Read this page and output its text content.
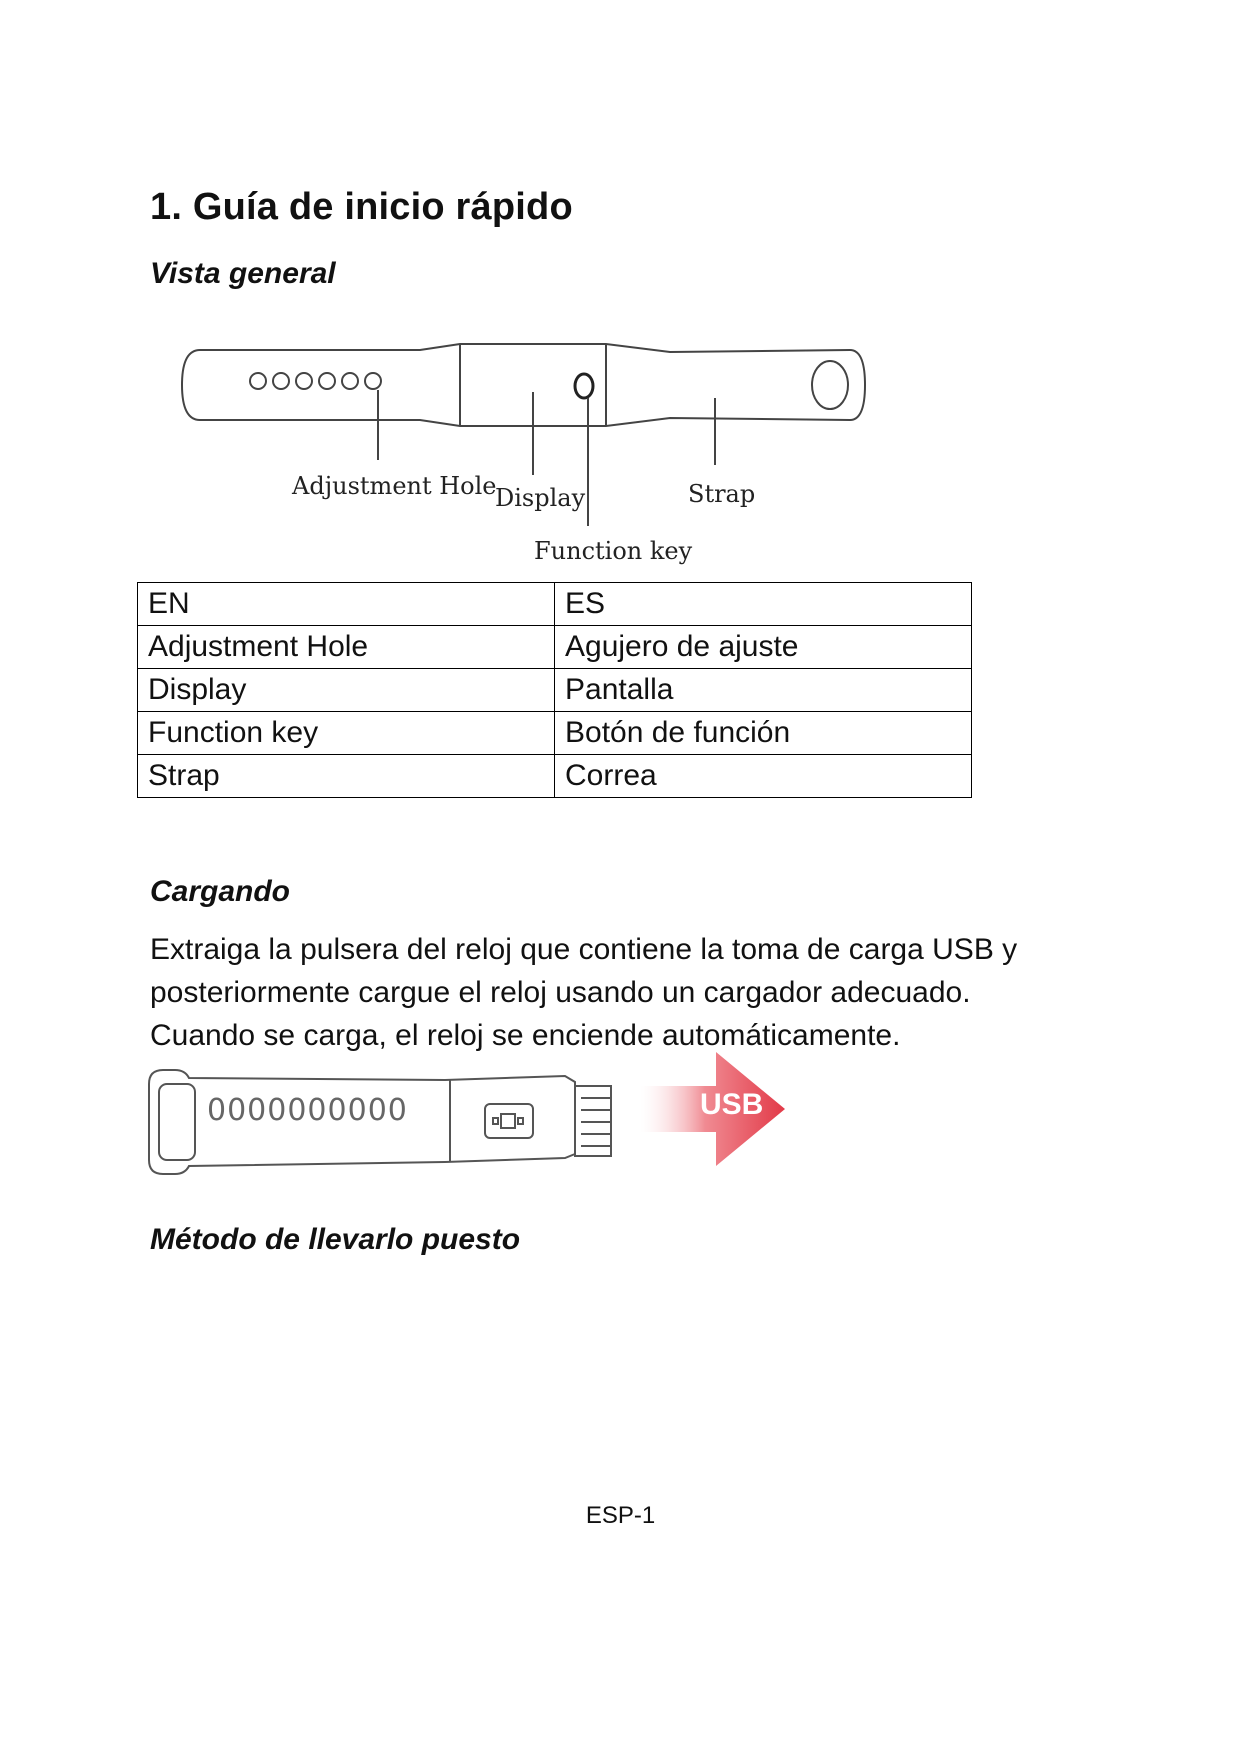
1. Guía de inicio rápido
Vista general
Adjustment Hole
Display	Strap
Function key
EN	ES
Adjustment Hole	Agujero de ajuste
Display	Pantalla
Function key	Botón de función
Strap	Correa
Cargando
Extraiga la pulsera del reloj que contiene la toma de carga USB y
posteriormente cargue el reloj usando un cargador adecuado.
Cuando se carga, el reloj se enciende automáticamente.
0000000000	USB
Método de llevarlo puesto
ESP-1
